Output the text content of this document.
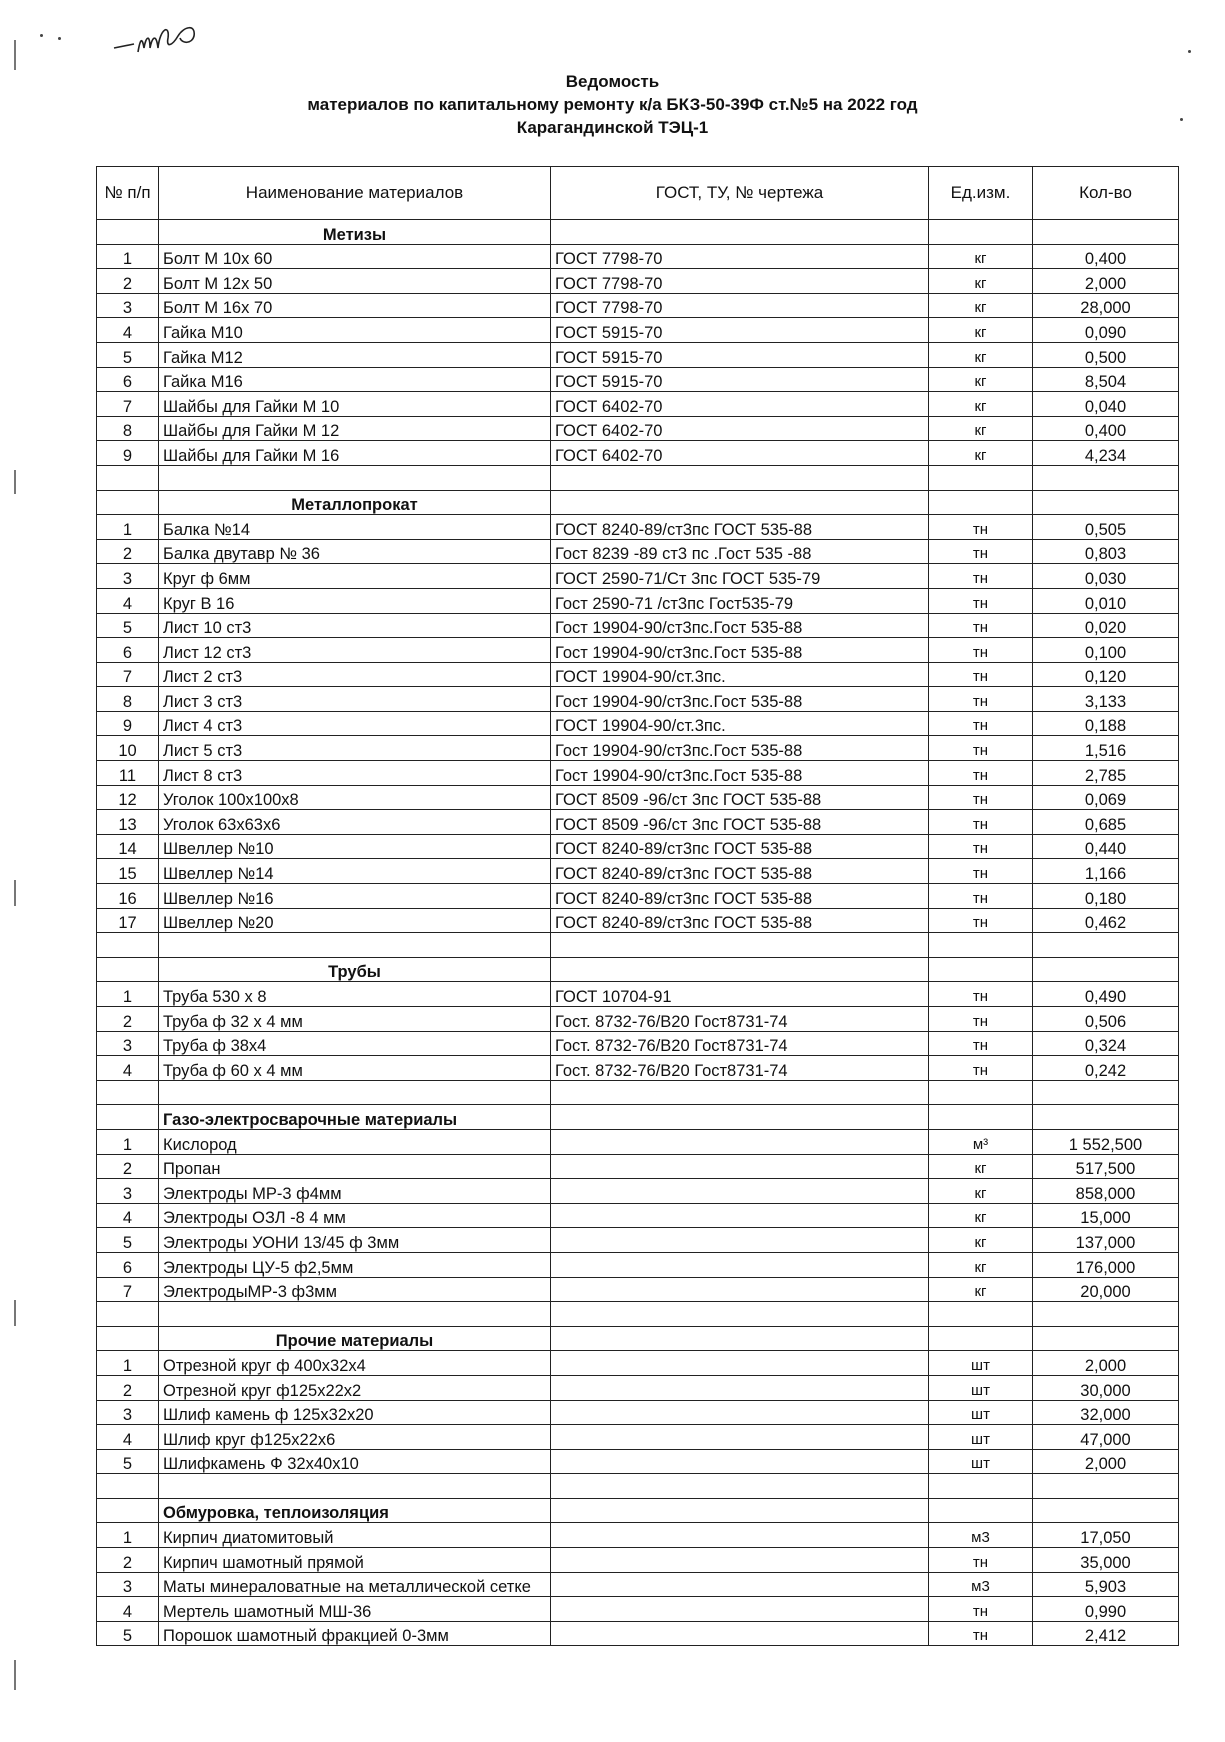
Ведомость
материалов по капитальному ремонту к/а БКЗ-50-39Ф ст.№5 на 2022 год
Карагандинской ТЭЦ-1
№ п/п	Наименование материалов	ГОСТ, ТУ, № чертежа	Ед.изм.	Кол-во
	Метизы			
1	Болт М 10х 60	ГОСТ 7798-70	кг	0,400
2	Болт М 12х 50	ГОСТ 7798-70	кг	2,000
3	Болт М 16х 70	ГОСТ 7798-70	кг	28,000
4	Гайка М10	ГОСТ 5915-70	кг	0,090
5	Гайка М12	ГОСТ 5915-70	кг	0,500
6	Гайка М16	ГОСТ 5915-70	кг	8,504
7	Шайбы для Гайки М 10	ГОСТ 6402-70	кг	0,040
8	Шайбы для Гайки М 12	ГОСТ 6402-70	кг	0,400
9	Шайбы для Гайки М 16	ГОСТ 6402-70	кг	4,234

	Металлопрокат			
1	Балка №14	ГОСТ 8240-89/ст3пс ГОСТ 535-88	тн	0,505
2	Балка двутавр № 36	Гост 8239 -89 ст3 пс .Гост 535 -88	тн	0,803
3	Круг ф 6мм	ГОСТ 2590-71/Ст 3пс ГОСТ 535-79	тн	0,030
4	Круг В 16	Гост 2590-71 /ст3пс Гост535-79	тн	0,010
5	Лист 10 ст3	Гост 19904-90/ст3пс.Гост 535-88	тн	0,020
6	Лист 12 ст3	Гост 19904-90/ст3пс.Гост 535-88	тн	0,100
7	Лист 2 ст3	ГОСТ 19904-90/ст.3пс.	тн	0,120
8	Лист 3 ст3	Гост 19904-90/ст3пс.Гост 535-88	тн	3,133
9	Лист 4 ст3	ГОСТ 19904-90/ст.3пс.	тн	0,188
10	Лист 5 ст3	Гост 19904-90/ст3пс.Гост 535-88	тн	1,516
11	Лист 8 ст3	Гост 19904-90/ст3пс.Гост 535-88	тн	2,785
12	Уголок 100х100х8	ГОСТ 8509 -96/ст 3пс ГОСТ 535-88	тн	0,069
13	Уголок 63х63х6	ГОСТ 8509 -96/ст 3пс ГОСТ 535-88	тн	0,685
14	Швеллер №10	ГОСТ 8240-89/ст3пс ГОСТ 535-88	тн	0,440
15	Швеллер №14	ГОСТ 8240-89/ст3пс ГОСТ 535-88	тн	1,166
16	Швеллер №16	ГОСТ 8240-89/ст3пс ГОСТ 535-88	тн	0,180
17	Швеллер №20	ГОСТ 8240-89/ст3пс ГОСТ 535-88	тн	0,462

	Трубы			
1	Труба 530 х 8	ГОСТ 10704-91	тн	0,490
2	Труба ф 32 х 4 мм	Гост. 8732-76/В20 Гост8731-74	тн	0,506
3	Труба ф 38х4	Гост. 8732-76/В20 Гост8731-74	тн	0,324
4	Труба ф 60 х 4 мм	Гост. 8732-76/В20 Гост8731-74	тн	0,242

	Газо-электросварочные материалы			
1	Кислород		м³	1 552,500
2	Пропан		кг	517,500
3	Электроды МР-3 ф4мм		кг	858,000
4	Электроды ОЗЛ -8 4 мм		кг	15,000
5	Электроды УОНИ 13/45 ф 3мм		кг	137,000
6	Электроды ЦУ-5 ф2,5мм		кг	176,000
7	ЭлектродыМР-3 ф3мм		кг	20,000

	Прочие материалы			
1	Отрезной круг ф 400х32х4		шт	2,000
2	Отрезной круг ф125х22х2		шт	30,000
3	Шлиф камень ф 125х32х20		шт	32,000
4	Шлиф круг ф125х22х6		шт	47,000
5	Шлифкамень Ф 32х40х10		шт	2,000

	Обмуровка, теплоизоляция			
1	Кирпич диатомитовый		м3	17,050
2	Кирпич шамотный прямой		тн	35,000
3	Маты минераловатные на металлической сетке		м3	5,903
4	Мертель шамотный МШ-36		тн	0,990
5	Порошок шамотный фракцией 0-3мм		тн	2,412
